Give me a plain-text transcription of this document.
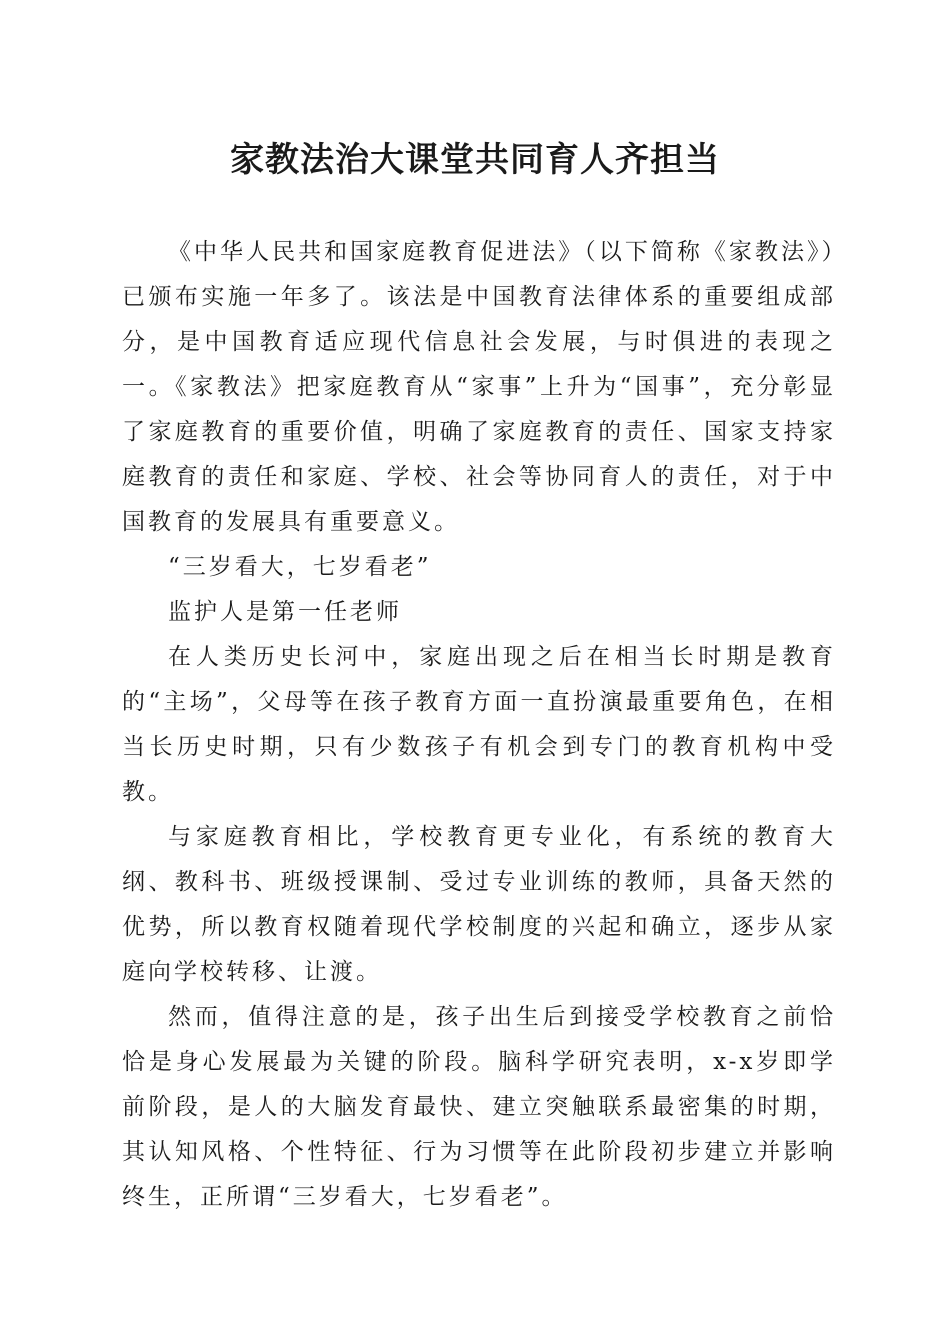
家教法治大课堂共同育人齐担当

《中华人民共和国家庭教育促进法》（以下简称《家教法》）已颁布实施一年多了。该法是中国教育法律体系的重要组成部分，是中国教育适应现代信息社会发展，与时俱进的表现之一。《家教法》把家庭教育从“家事”上升为“国事”，充分彰显了家庭教育的重要价值，明确了家庭教育的责任、国家支持家庭教育的责任和家庭、学校、社会等协同育人的责任，对于中国教育的发展具有重要意义。

“三岁看大，七岁看老”

监护人是第一任老师

在人类历史长河中，家庭出现之后在相当长时期是教育的“主场”，父母等在孩子教育方面一直扮演最重要角色，在相当长历史时期，只有少数孩子有机会到专门的教育机构中受教。

与家庭教育相比，学校教育更专业化，有系统的教育大纲、教科书、班级授课制、受过专业训练的教师，具备天然的优势，所以教育权随着现代学校制度的兴起和确立，逐步从家庭向学校转移、让渡。

然而，值得注意的是，孩子出生后到接受学校教育之前恰恰是身心发展最为关键的阶段。脑科学研究表明，x-x岁即学前阶段，是人的大脑发育最快、建立突触联系最密集的时期，其认知风格、个性特征、行为习惯等在此阶段初步建立并影响终生，正所谓“三岁看大，七岁看老”。
